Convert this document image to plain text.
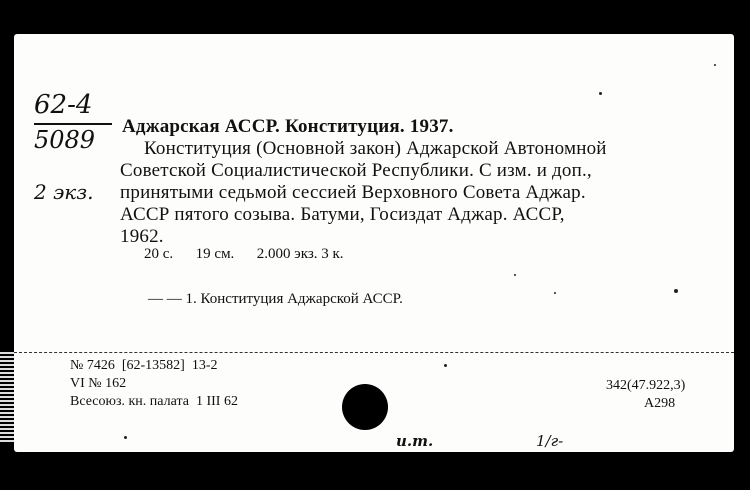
62-4
5089
2 экз.
Аджарская АССР. Конституция. 1937.
Конституция (Основной закон) Аджарской Автономной
Советской Социалистической Республики. С изм. и доп.,
принятыми седьмой сессией Верховного Совета Аджар.
АССР пятого созыва. Батуми, Госиздат Аджар. АССР,
1962.
20 с.      19 см.      2.000 экз. 3 к.
— — 1. Конституция Аджарской АССР.
№ 7426  [62-13582]  13-2
VI № 162
Всесоюз. кн. палата  1 III 62
342(47.922,3)
А298
и.т.	1/г-
